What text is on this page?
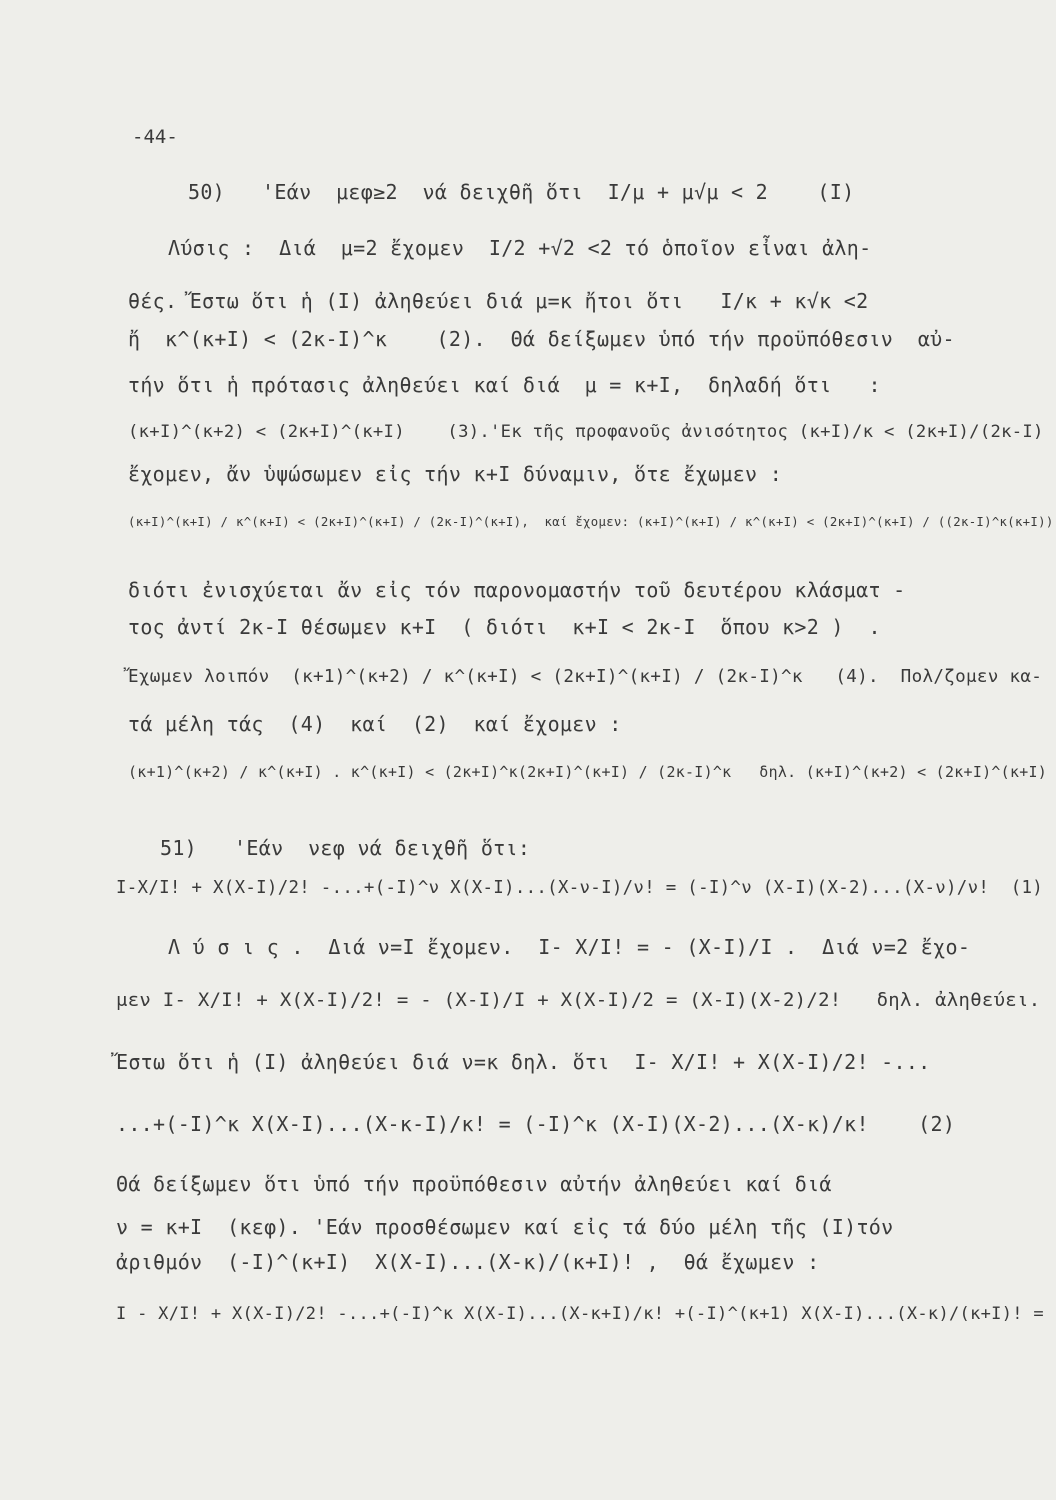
-44-
50)   'Εάν  μεφ≥2  νά δειχθῆ ὅτι  I/μ + μ√μ < 2    (I)
Λύσις :  Διά  μ=2 ἔχομεν  I/2 +√2 <2 τό ὁποῖον εἶναι ἀλη-
θές. Ἔστω ὅτι ἡ (I) ἀληθεύει διά μ=κ ἤτοι ὅτι   I/κ + κ√κ <2
ἤ  κ^(κ+I) < (2κ-I)^κ    (2).  Θά δείξωμεν ὑπό τήν προϋπόθεσιν  αὐ-
τήν ὅτι ἡ πρότασις ἀληθεύει καί διά  μ = κ+I,  δηλαδή ὅτι   :
(κ+I)^(κ+2) < (2κ+I)^(κ+I)    (3).'Εκ τῆς προφανοῦς ἀνισότητος (κ+I)/κ < (2κ+I)/(2κ-I)
ἔχομεν, ἄν ὑψώσωμεν εἰς τήν κ+I δύναμιν, ὅτε ἔχωμεν :
(κ+I)^(κ+I) / κ^(κ+I) < (2κ+I)^(κ+I) / (2κ-I)^(κ+I),  καί ἔχομεν: (κ+I)^(κ+I) / κ^(κ+I) < (2κ+I)^(κ+I) / ((2κ-I)^κ(κ+I))
διότι ἐνισχύεται ἄν εἰς τόν παρονομαστήν τοῦ δευτέρου κλάσματ -
τος ἀντί 2κ-I θέσωμεν κ+I  ( διότι  κ+I < 2κ-I  ὅπου κ>2 )  .
Ἔχωμεν λοιπόν  (κ+1)^(κ+2) / κ^(κ+I) < (2κ+I)^(κ+I) / (2κ-I)^κ   (4).  Πολ/ζομεν κα-
τά μέλη τάς  (4)  καί  (2)  καί ἔχομεν :
(κ+1)^(κ+2) / κ^(κ+I) . κ^(κ+I) < (2κ+I)^κ(2κ+I)^(κ+I) / (2κ-I)^κ   δηλ. (κ+I)^(κ+2) < (2κ+I)^(κ+I)
51)   'Εάν  νεφ νά δειχθῆ ὅτι:
I-X/I! + X(X-I)/2! -...+(-I)^ν X(X-I)...(X-ν-I)/ν! = (-I)^ν (X-I)(X-2)...(X-ν)/ν!  (1)
Λ ύ σ ι ς .  Διά ν=I ἔχομεν.  I- X/I! = - (X-I)/I .  Διά ν=2 ἔχο-
μεν I- X/I! + X(X-I)/2! = - (X-I)/I + X(X-I)/2 = (X-I)(X-2)/2!   δηλ. ἀληθεύει.
Ἔστω ὅτι ἡ (I) ἀληθεύει διά ν=κ δηλ. ὅτι  I- X/I! + X(X-I)/2! -...
...+(-I)^κ X(X-I)...(X-κ-I)/κ! = (-I)^κ (X-I)(X-2)...(X-κ)/κ!    (2)
Θά δείξωμεν ὅτι ὑπό τήν προϋπόθεσιν αὐτήν ἀληθεύει καί διά
ν = κ+I  (κεφ). 'Εάν προσθέσωμεν καί εἰς τά δύο μέλη τῆς (I)τόν
ἀριθμόν  (-I)^(κ+I)  X(X-I)...(X-κ)/(κ+I)! ,  θά ἔχωμεν :
I - X/I! + X(X-I)/2! -...+(-I)^κ X(X-I)...(X-κ+I)/κ! +(-I)^(κ+1) X(X-I)...(X-κ)/(κ+I)! =
